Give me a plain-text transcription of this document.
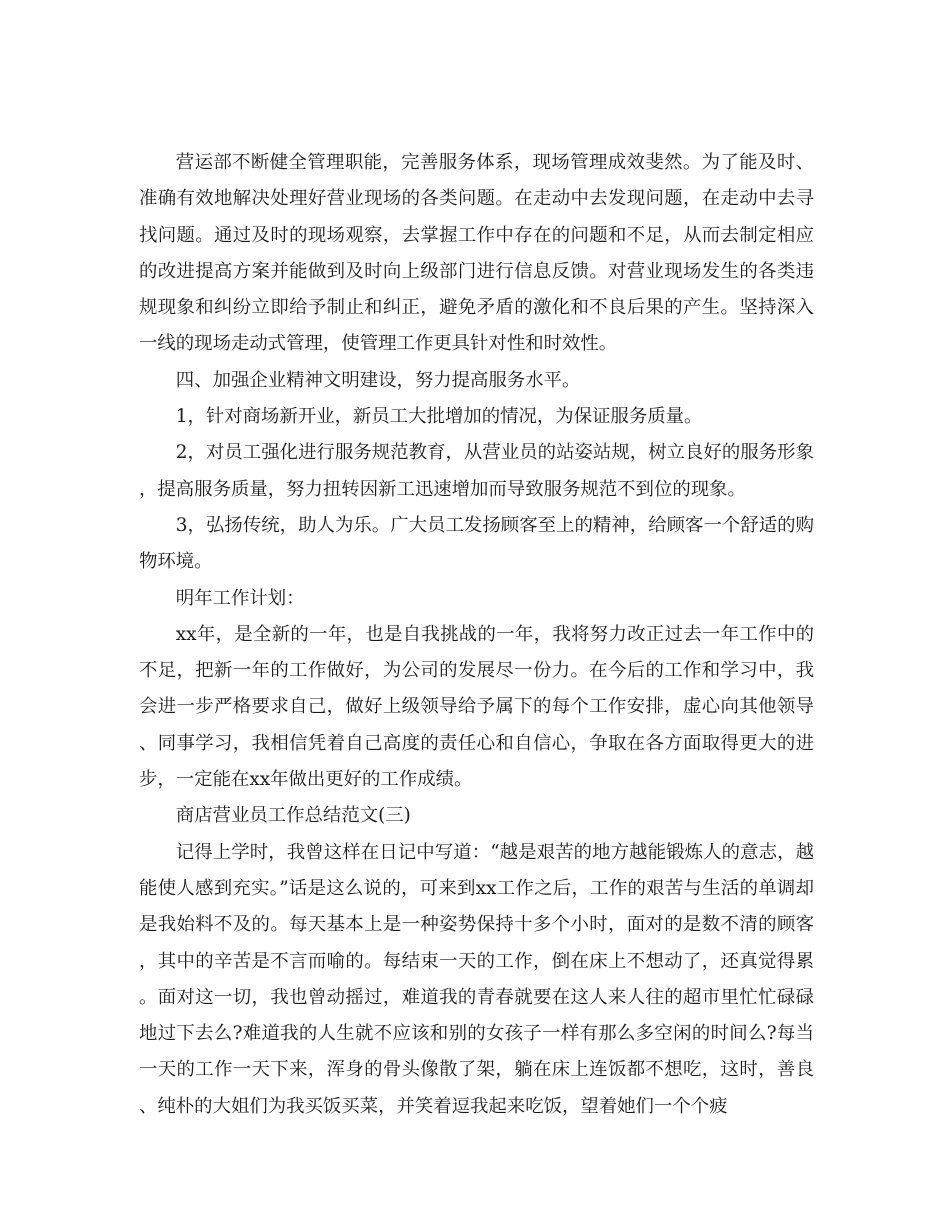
营运部不断健全管理职能，完善服务体系，现场管理成效斐然。为了能及时、准确有效地解决处理好营业现场的各类问题。在走动中去发现问题，在走动中去寻找问题。通过及时的现场观察，去掌握工作中存在的问题和不足，从而去制定相应的改进提高方案并能做到及时向上级部门进行信息反馈。对营业现场发生的各类违规现象和纠纷立即给予制止和纠正，避免矛盾的激化和不良后果的产生。坚持深入一线的现场走动式管理，使管理工作更具针对性和时效性。

四、加强企业精神文明建设，努力提高服务水平。

1，针对商场新开业，新员工大批增加的情况，为保证服务质量。

2，对员工强化进行服务规范教育，从营业员的站姿站规，树立良好的服务形象，提高服务质量，努力扭转因新工迅速增加而导致服务规范不到位的现象。

3，弘扬传统，助人为乐。广大员工发扬顾客至上的精神，给顾客一个舒适的购物环境。

明年工作计划：

xx年，是全新的一年，也是自我挑战的一年，我将努力改正过去一年工作中的不足，把新一年的工作做好，为公司的发展尽一份力。在今后的工作和学习中，我会进一步严格要求自己，做好上级领导给予属下的每个工作安排，虚心向其他领导、同事学习，我相信凭着自己高度的责任心和自信心，争取在各方面取得更大的进步，一定能在xx年做出更好的工作成绩。

商店营业员工作总结范文(三)

记得上学时，我曾这样在日记中写道：“越是艰苦的地方越能锻炼人的意志，越能使人感到充实。”话是这么说的，可来到xx工作之后，工作的艰苦与生活的单调却是我始料不及的。每天基本上是一种姿势保持十多个小时，面对的是数不清的顾客，其中的辛苦是不言而喻的。每结束一天的工作，倒在床上不想动了，还真觉得累。面对这一切，我也曾动摇过，难道我的青春就要在这人来人往的超市里忙忙碌碌地过下去么?难道我的人生就不应该和别的女孩子一样有那么多空闲的时间么?每当一天的工作一天下来，浑身的骨头像散了架，躺在床上连饭都不想吃，这时，善良、纯朴的大姐们为我买饭买菜，并笑着逗我起来吃饭，望着她们一个个疲
